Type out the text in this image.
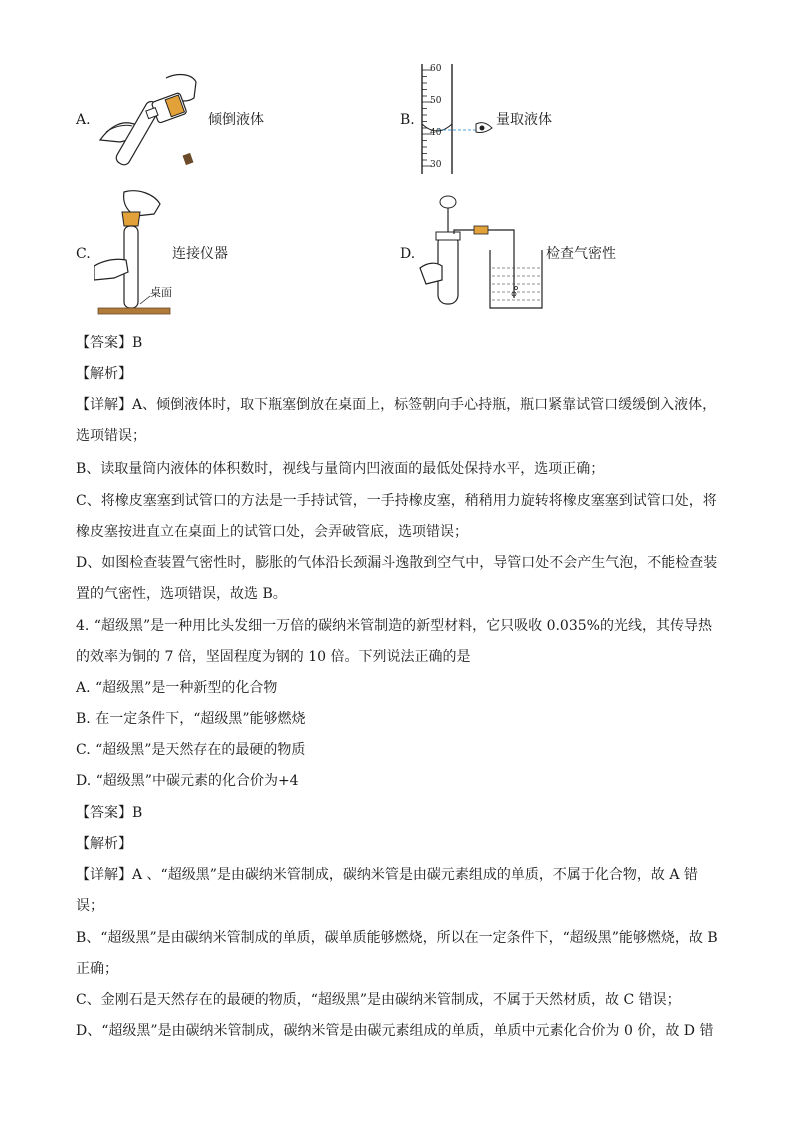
A.	倾倒液体	B.
60
50
40
30
量取液体
C.
桌面
连接仪器	D.	检查气密性
【答案】B
【解析】
【详解】A、倾倒液体时，取下瓶塞倒放在桌面上，标签朝向手心持瓶，瓶口紧靠试管口缓缓倒入液体，
选项错误；
B、读取量筒内液体的体积数时，视线与量筒内凹液面的最低处保持水平，选项正确；
C、将橡皮塞塞到试管口的方法是一手持试管，一手持橡皮塞，稍稍用力旋转将橡皮塞塞到试管口处，将
橡皮塞按进直立在桌面上的试管口处，会弄破管底，选项错误；
D、如图检查装置气密性时，膨胀的气体沿长颈漏斗逸散到空气中，导管口处不会产生气泡，不能检查装
置的气密性，选项错误，故选 B。
4. “超级黑”是一种用比头发细一万倍的碳纳米管制造的新型材料，它只吸收 0.035%的光线，其传导热
的效率为铜的 7 倍，坚固程度为钢的 10 倍。下列说法正确的是
A. “超级黑”是一种新型的化合物
B. 在一定条件下，“超级黑”能够燃烧
C. “超级黑”是天然存在的最硬的物质
D. “超级黑”中碳元素的化合价为+4
【答案】B
【解析】
【详解】A 、“超级黑”是由碳纳米管制成，碳纳米管是由碳元素组成的单质，不属于化合物，故 A 错
误；
B、“超级黑”是由碳纳米管制成的单质，碳单质能够燃烧，所以在一定条件下，“超级黑”能够燃烧，故 B
正确；
C、金刚石是天然存在的最硬的物质，“超级黑”是由碳纳米管制成，不属于天然材质，故 C 错误；
D、“超级黑”是由碳纳米管制成，碳纳米管是由碳元素组成的单质，单质中元素化合价为 0 价，故 D 错
